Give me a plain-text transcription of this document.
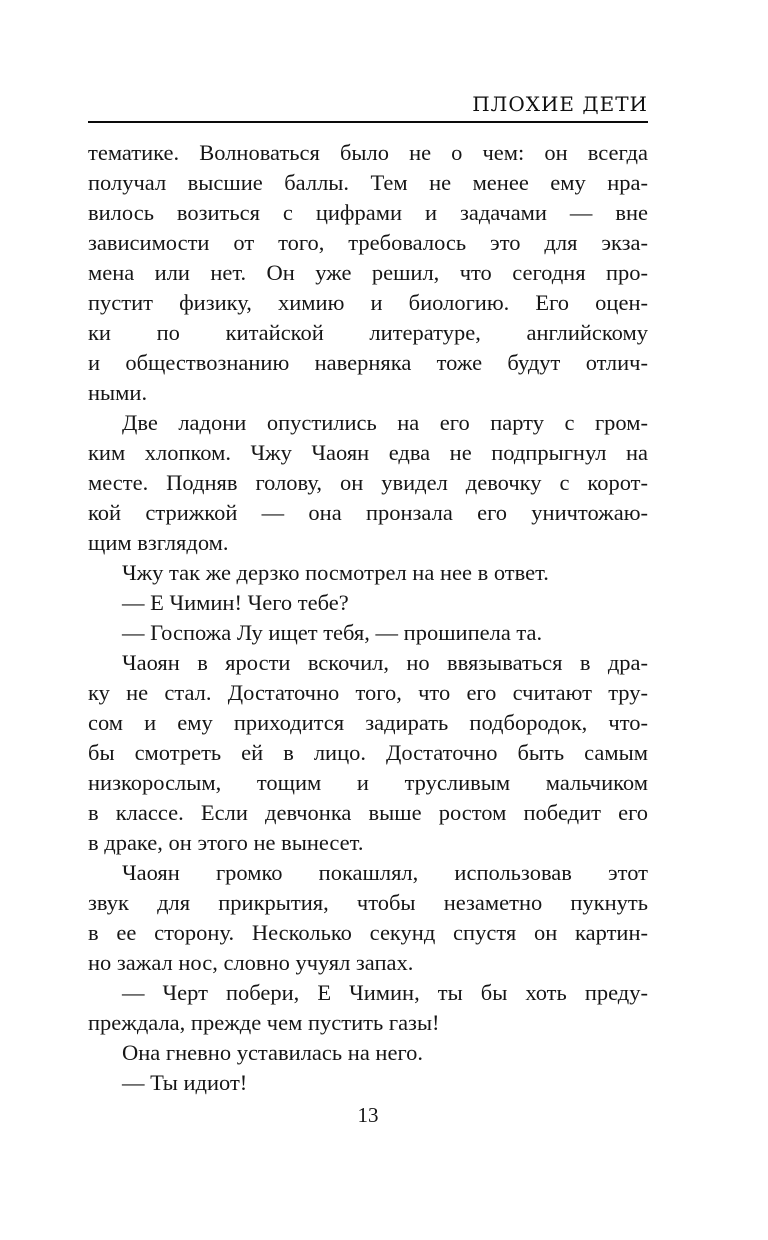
ПЛОХИЕ ДЕТИ
тематике. Волноваться было не о чем: он всегда
получал высшие баллы. Тем не менее ему нра-
вилось возиться с цифрами и задачами — вне
зависимости от того, требовалось это для экза-
мена или нет. Он уже решил, что сегодня про-
пустит физику, химию и биологию. Его оцен-
ки по китайской литературе, английскому
и обществознанию наверняка тоже будут отлич-
ными.
Две ладони опустились на его парту с гром-
ким хлопком. Чжу Чаоян едва не подпрыгнул на
месте. Подняв голову, он увидел девочку с корот-
кой стрижкой — она пронзала его уничтожаю-
щим взглядом.
Чжу так же дерзко посмотрел на нее в ответ.
— Е Чимин! Чего тебе?
— Госпожа Лу ищет тебя, — прошипела та.
Чаоян в ярости вскочил, но ввязываться в дра-
ку не стал. Достаточно того, что его считают тру-
сом и ему приходится задирать подбородок, что-
бы смотреть ей в лицо. Достаточно быть самым
низкорослым, тощим и трусливым мальчиком
в классе. Если девчонка выше ростом победит его
в драке, он этого не вынесет.
Чаоян громко покашлял, использовав этот
звук для прикрытия, чтобы незаметно пукнуть
в ее сторону. Несколько секунд спустя он картин-
но зажал нос, словно учуял запах.
— Черт побери, Е Чимин, ты бы хоть преду-
преждала, прежде чем пустить газы!
Она гневно уставилась на него.
— Ты идиот!
13
